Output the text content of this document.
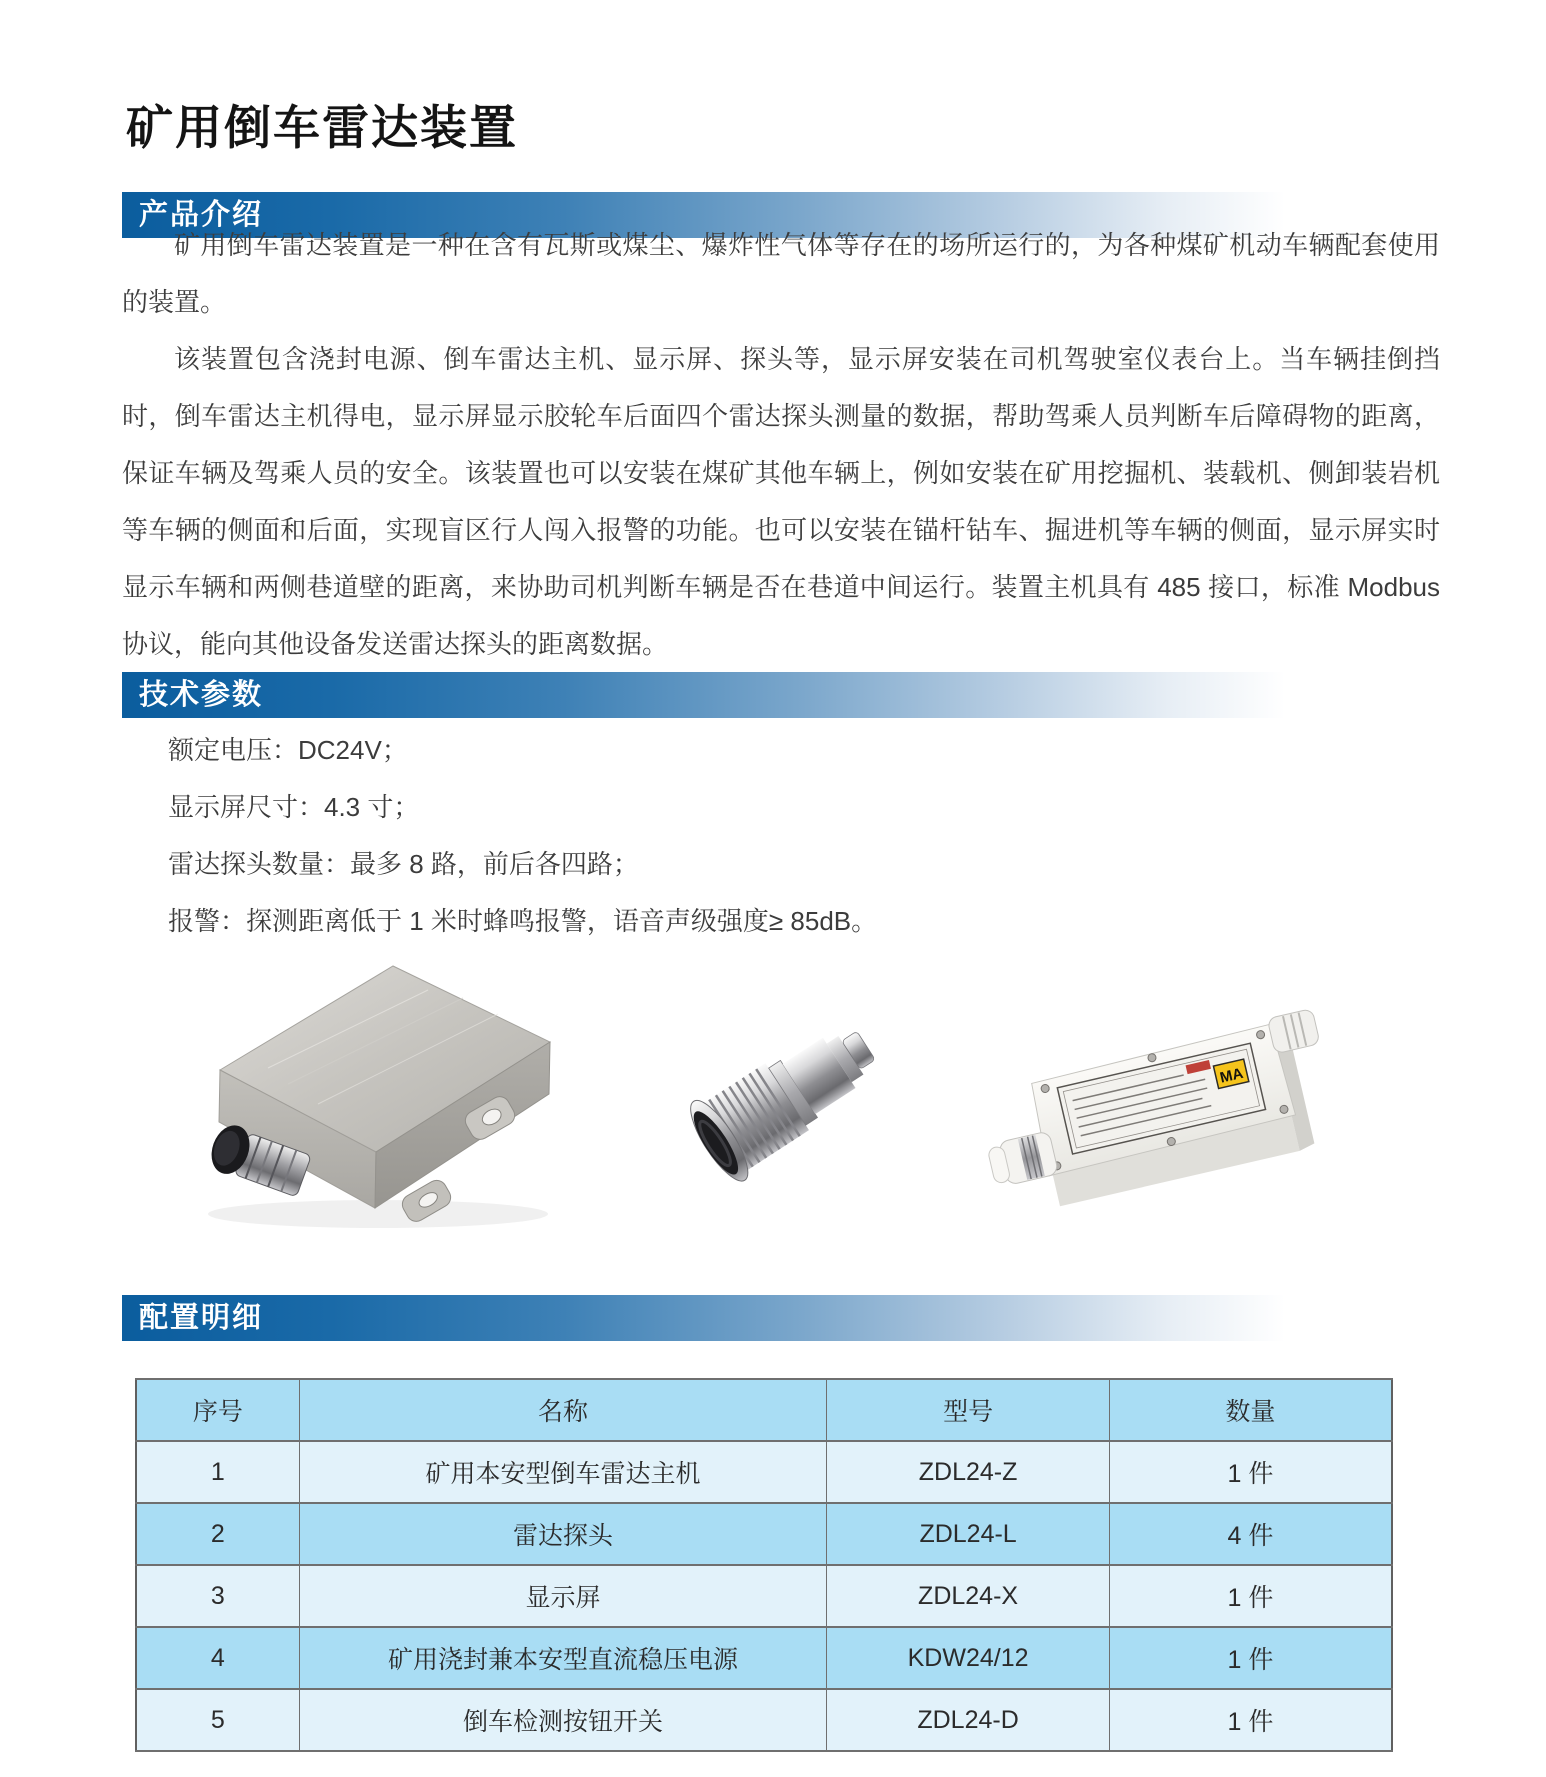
矿用倒车雷达装置
产品介绍

矿用倒车雷达装置是一种在含有瓦斯或煤尘、爆炸性气体等存在的场所运行的，为各种煤矿机动车辆配套使用的装置。

该装置包含浇封电源、倒车雷达主机、显示屏、探头等，显示屏安装在司机驾驶室仪表台上。当车辆挂倒挡时，倒车雷达主机得电，显示屏显示胶轮车后面四个雷达探头测量的数据，帮助驾乘人员判断车后障碍物的距离，保证车辆及驾乘人员的安全。该装置也可以安装在煤矿其他车辆上，例如安装在矿用挖掘机、装载机、侧卸装岩机等车辆的侧面和后面，实现盲区行人闯入报警的功能。也可以安装在锚杆钻车、掘进机等车辆的侧面，显示屏实时显示车辆和两侧巷道壁的距离，来协助司机判断车辆是否在巷道中间运行。装置主机具有 485 接口，标准 Modbus 协议，能向其他设备发送雷达探头的距离数据。

技术参数
额定电压：DC24V；
显示屏尺寸：4.3 寸；
雷达探头数量：最多 8 路，前后各四路；
报警：探测距离低于 1 米时蜂鸣报警，语音声级强度≥ 85dB。
MA
配置明细
序号	名称	型号	数量
1	矿用本安型倒车雷达主机	ZDL24-Z	1 件
2	雷达探头	ZDL24-L	4 件
3	显示屏	ZDL24-X	1 件
4	矿用浇封兼本安型直流稳压电源	KDW24/12	1 件
5	倒车检测按钮开关	ZDL24-D	1 件
